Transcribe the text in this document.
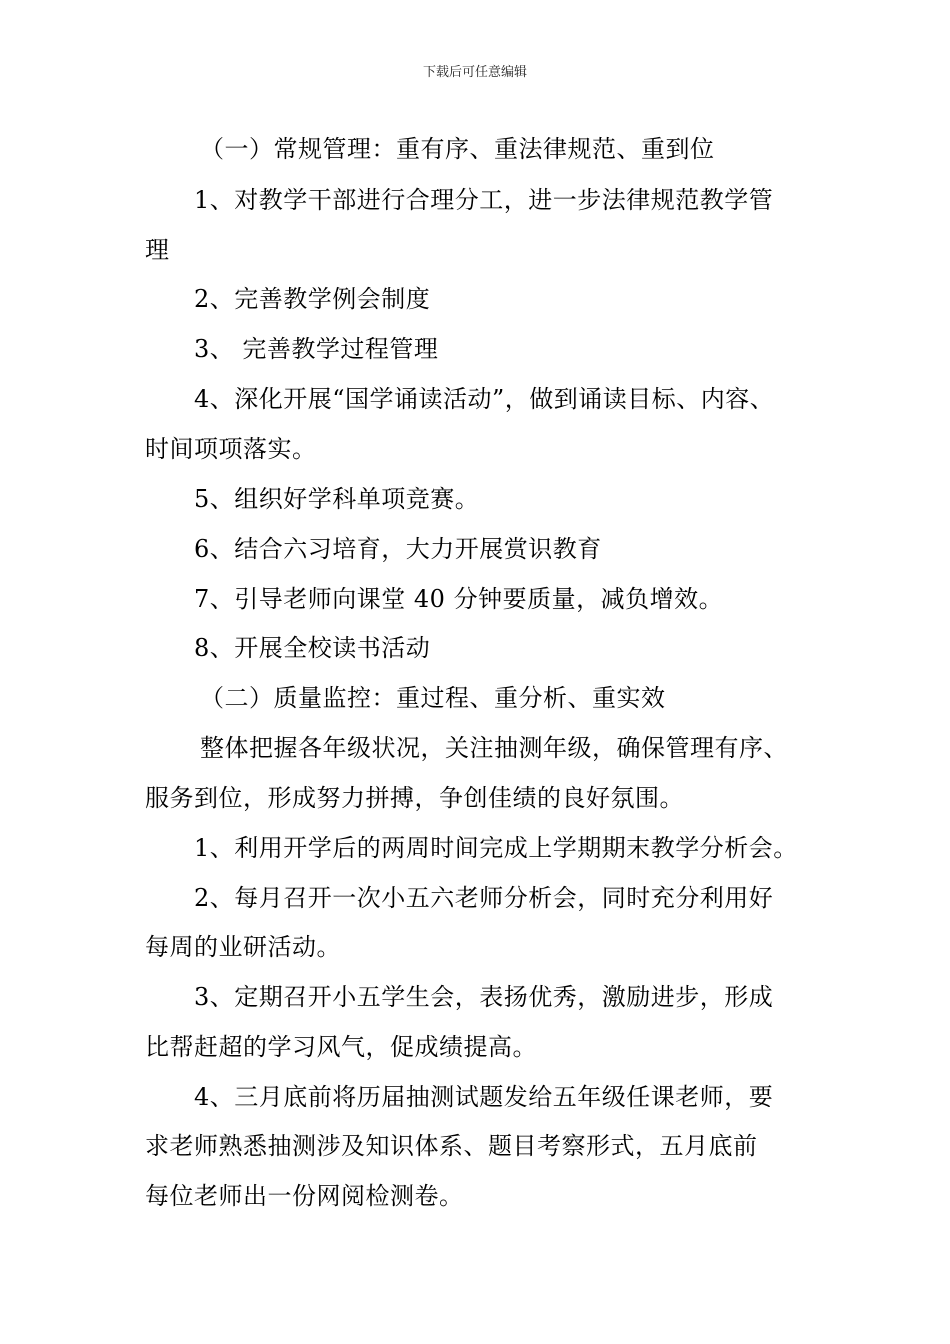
下载后可任意编辑
（一）常规管理：重有序、重法律规范、重到位
1、对教学干部进行合理分工，进一步法律规范教学管
理
2、完善教学例会制度
3、 完善教学过程管理
4、深化开展“国学诵读活动”，做到诵读目标、内容、
时间项项落实。
5、组织好学科单项竞赛。
6、结合六习培育，大力开展赏识教育
7、引导老师向课堂 40 分钟要质量，减负增效。
8、开展全校读书活动
（二）质量监控：重过程、重分析、重实效
整体把握各年级状况，关注抽测年级，确保管理有序、
服务到位，形成努力拼搏，争创佳绩的良好氛围。
1、利用开学后的两周时间完成上学期期末教学分析会。
2、每月召开一次小五六老师分析会，同时充分利用好
每周的业研活动。
3、定期召开小五学生会，表扬优秀，激励进步，形成
比帮赶超的学习风气，促成绩提高。
4、三月底前将历届抽测试题发给五年级任课老师，要
求老师熟悉抽测涉及知识体系、题目考察形式，五月底前
每位老师出一份网阅检测卷。
